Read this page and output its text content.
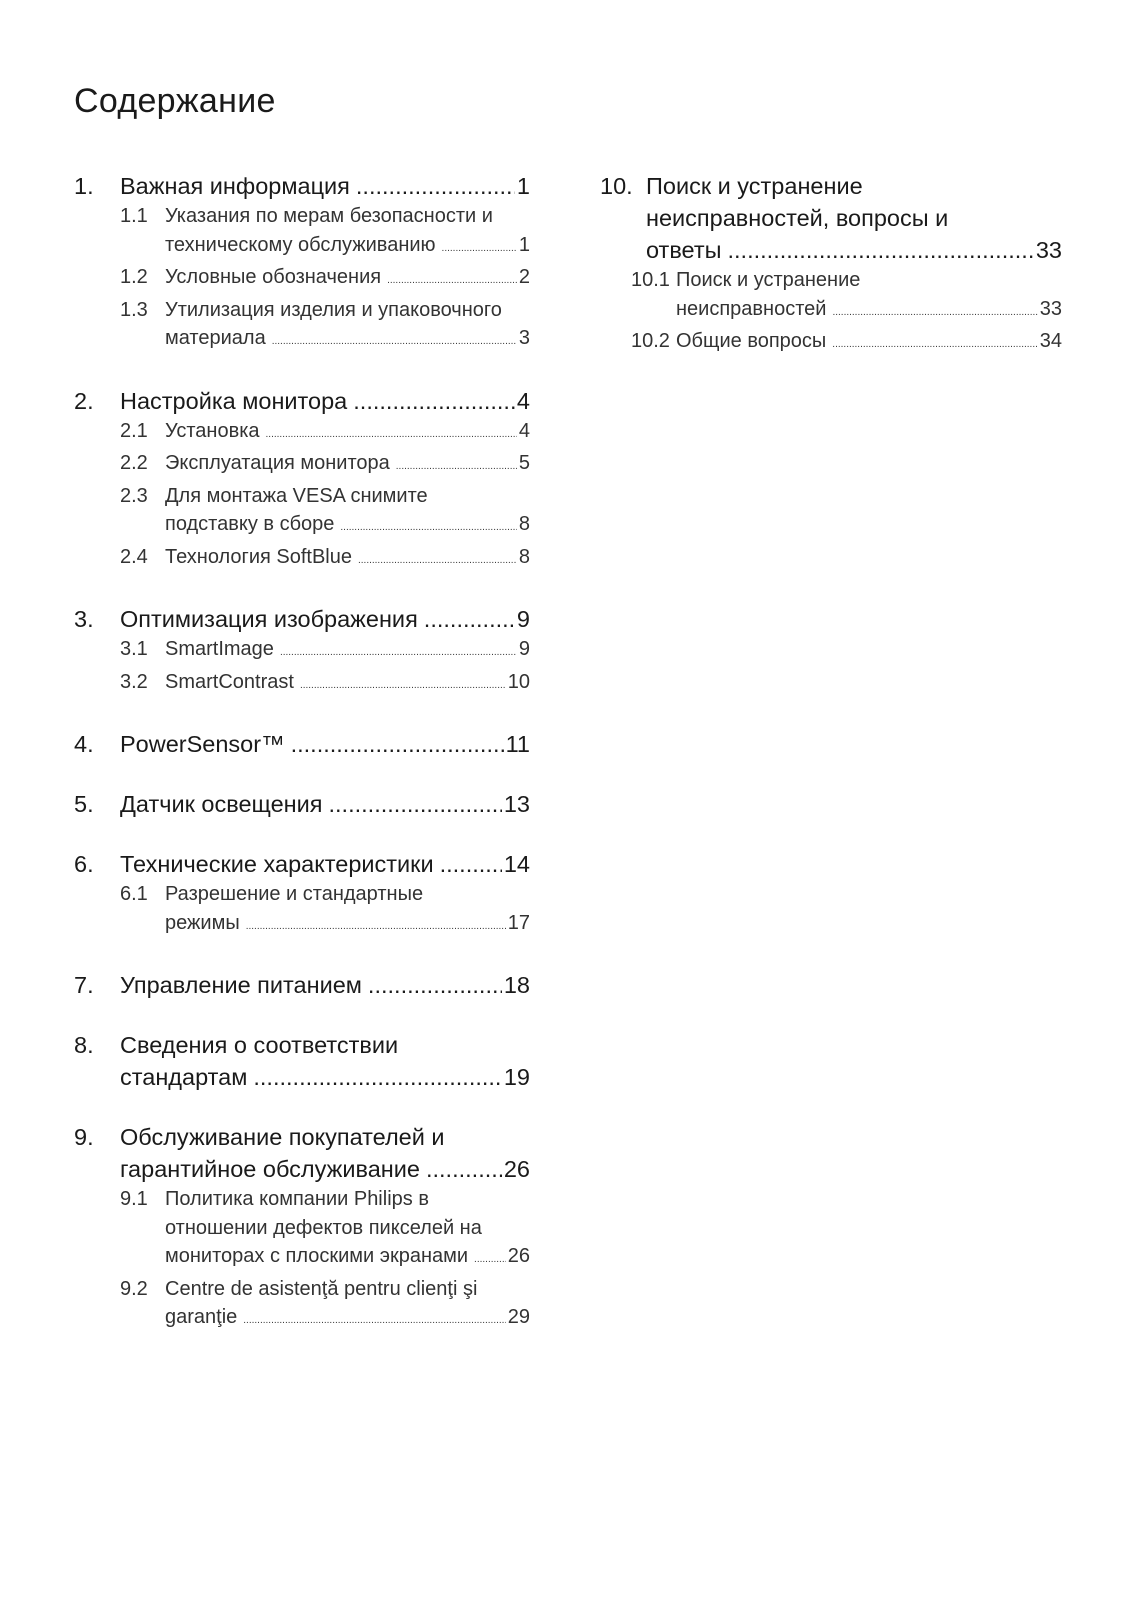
Содержание
1.	Важная информация .....	1
1.1 Указания по мерам безопасности и
техническому обслуживанию .....	1
1.2 Условные обозначения .....	2
1.3 Утилизация изделия и упаковочного
материала .....	3
2.	Настройка монитора .....	4
2.1 Установка .....	4
2.2 Эксплуатация монитора .....	5
2.3 Для монтажа VESA снимите
подставку в сборе .....	8
2.4 Технология SoftBlue .....	8
3.	Оптимизация изображения .....	9
3.1 SmartImage .....	9
3.2 SmartContrast .....	10
4.	PowerSensor™ .....	11
5.	Датчик освещения .....	13
6.	Технические характеристики .....	14
6.1 Разрешение и стандартные
режимы .....	17
7.	Управление питанием .....	18
8.	Сведения о соответствии
стандартам .....	19
9.	Обслуживание покупателей и
гарантийное обслуживание .....	26
9.1 Политика компании Philips в
отношении дефектов пикселей на
мониторах с плоскими экранами ..... 26
9.2 Centre de asistenţă pentru clienţi şi
garanţie .....	29
10. Поиск и устранение
неисправностей, вопросы и
ответы .....	33
10.1 Поиск и устранение
неисправностей .....	33
10.2 Общие вопросы .....	34
